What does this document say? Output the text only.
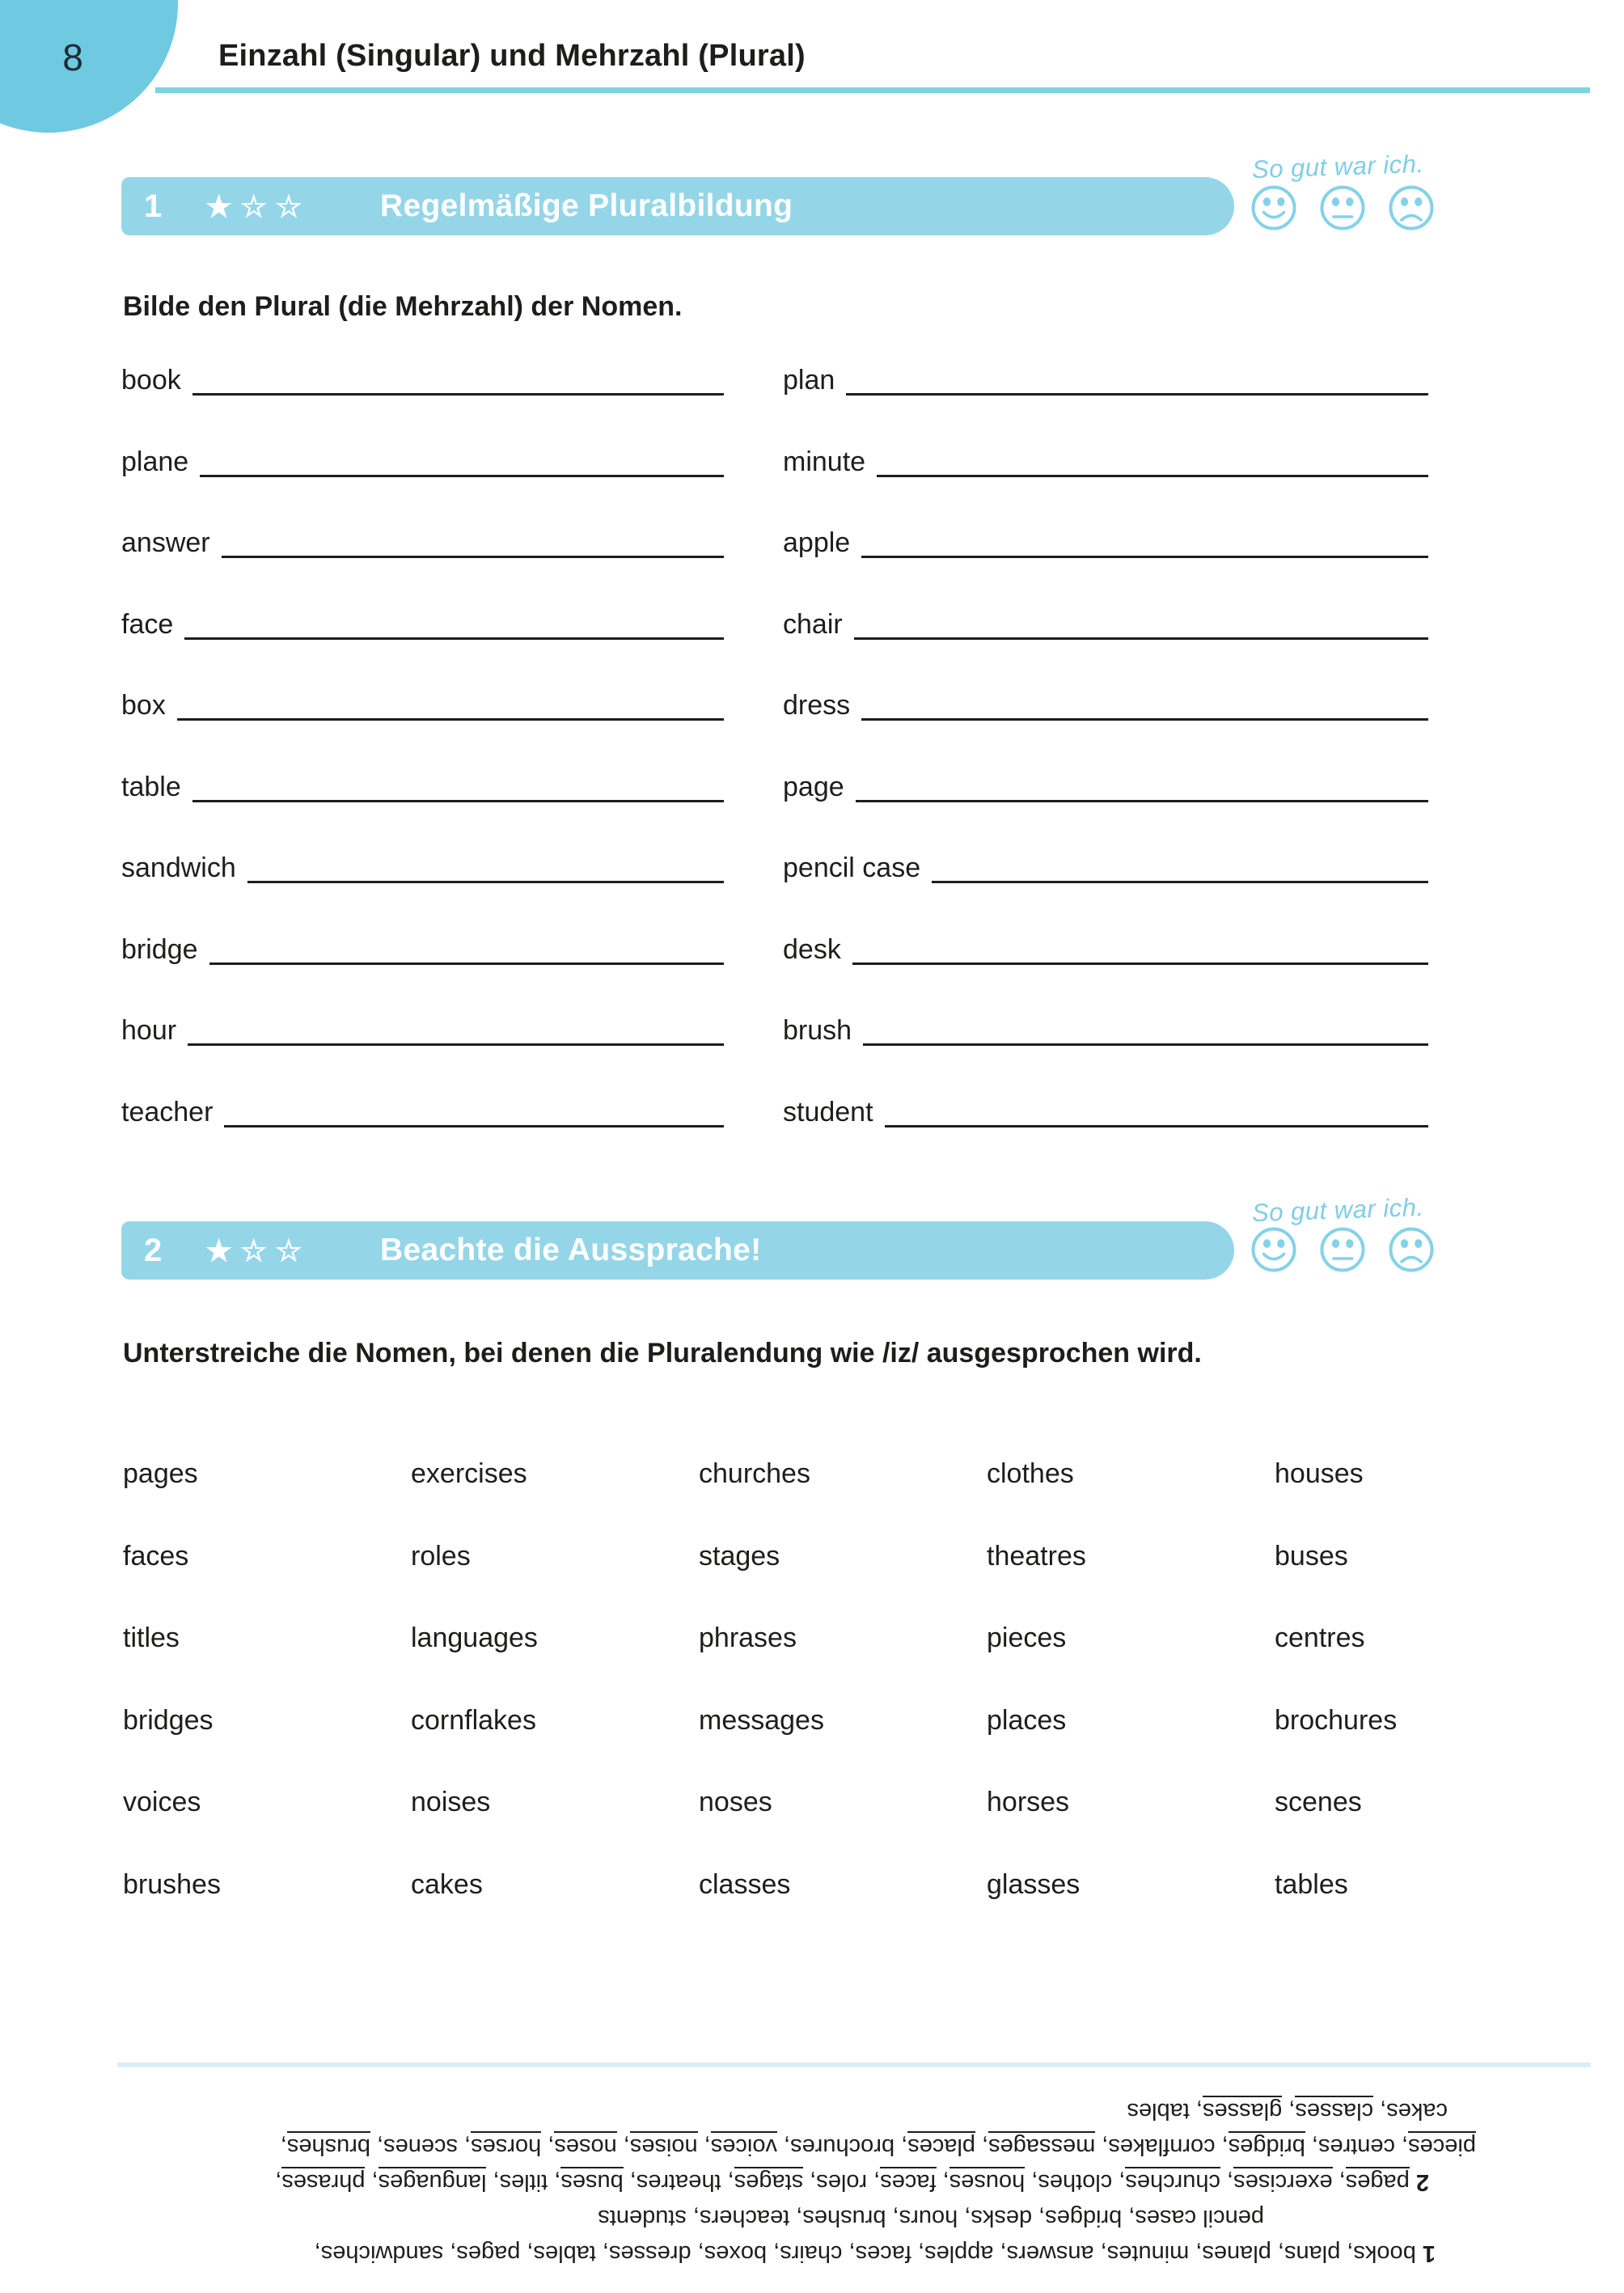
8	Einzahl (Singular) und Mehrzahl (Plural)
So gut war ich.
1	★☆☆	Regelmäßige Pluralbildung
Bilde den Plural (die Mehrzahl) der Nomen.
book	plan
plane	minute
answer	apple
face	chair
box	dress
table	page
sandwich	pencil case
bridge	desk
hour	brush
teacher	student
So gut war ich.
2	★☆☆	Beachte die Aussprache!
Unterstreiche die Nomen, bei denen die Pluralendung wie /iz/ ausgesprochen wird.
pages	exercises	churches	clothes	houses
faces	roles	stages	theatres	buses
titles	languages	phrases	pieces	centres
bridges	cornflakes	messages	places	brochures
voices	noises	noses	horses	scenes
brushes	cakes	classes	glasses	tables
1 books, plans, planes, minutes, answers, apples, faces, chairs, boxes, dresses, tables, pages, sandwiches,
pencil cases, bridges, desks, hours, brushes, teachers, students
2 pages, exercises, churches, clothes, houses, faces, roles, stages, theatres, buses, titles, languages, phrases,
pieces, centres, bridges, cornflakes, messages, places, brochures, voices, noises, noses, horses, scenes, brushes,
cakes, classes, glasses, tables
